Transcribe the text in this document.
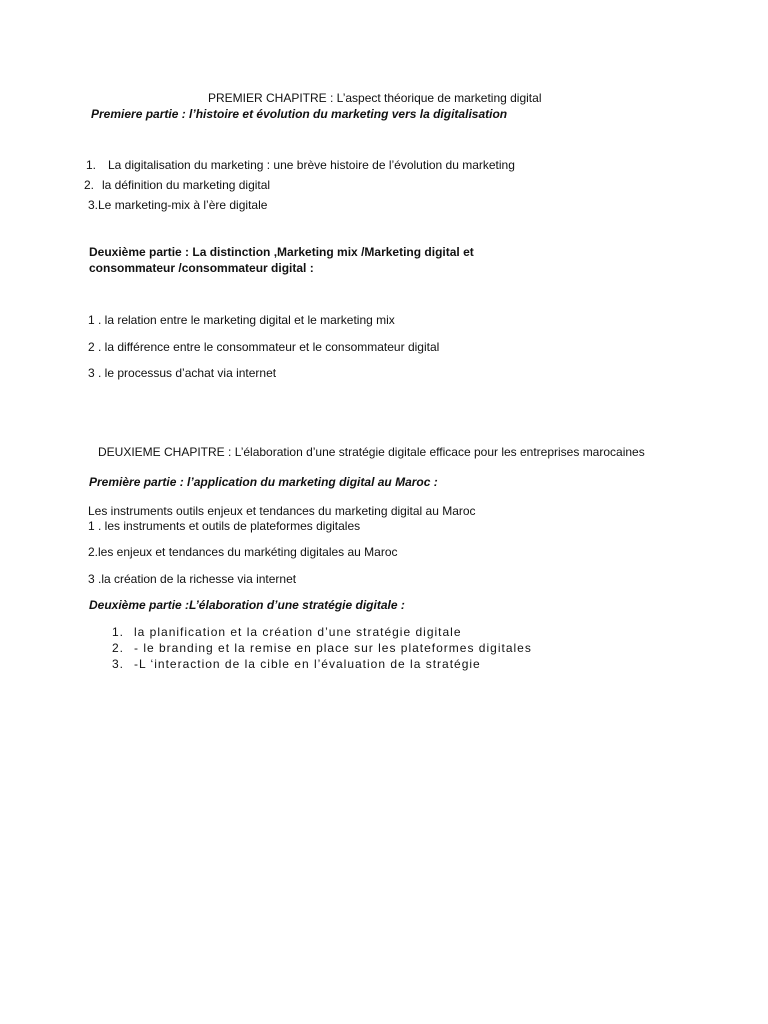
PREMIER CHAPITRE : L’aspect théorique de marketing digital
Premiere partie : l’histoire et évolution du marketing vers la digitalisation
1. La digitalisation du marketing : une brève histoire de l’évolution du marketing
2. la définition du marketing digital
3.Le marketing-mix à l’ère digitale
Deuxième partie : La distinction ,Marketing mix /Marketing digital et
consommateur /consommateur digital :
1 . la relation entre le marketing digital et le marketing mix
2 . la différence entre le consommateur et le consommateur digital
3 . le processus d’achat via internet
DEUXIEME CHAPITRE : L’élaboration d’une stratégie digitale efficace pour les entreprises marocaines
Première partie : l’application du marketing digital au Maroc :
Les instruments outils enjeux et tendances du marketing digital au Maroc
1 . les instruments et outils de plateformes digitales
2.les enjeux et tendances du markéting digitales au Maroc
3 .la création de la richesse via internet
Deuxième partie :L’élaboration d’une stratégie digitale :
1. la planification et la création d’une stratégie digitale
2. - le branding et la remise en place sur les plateformes digitales
3. -L ‘interaction de la cible en l’évaluation de la stratégie
